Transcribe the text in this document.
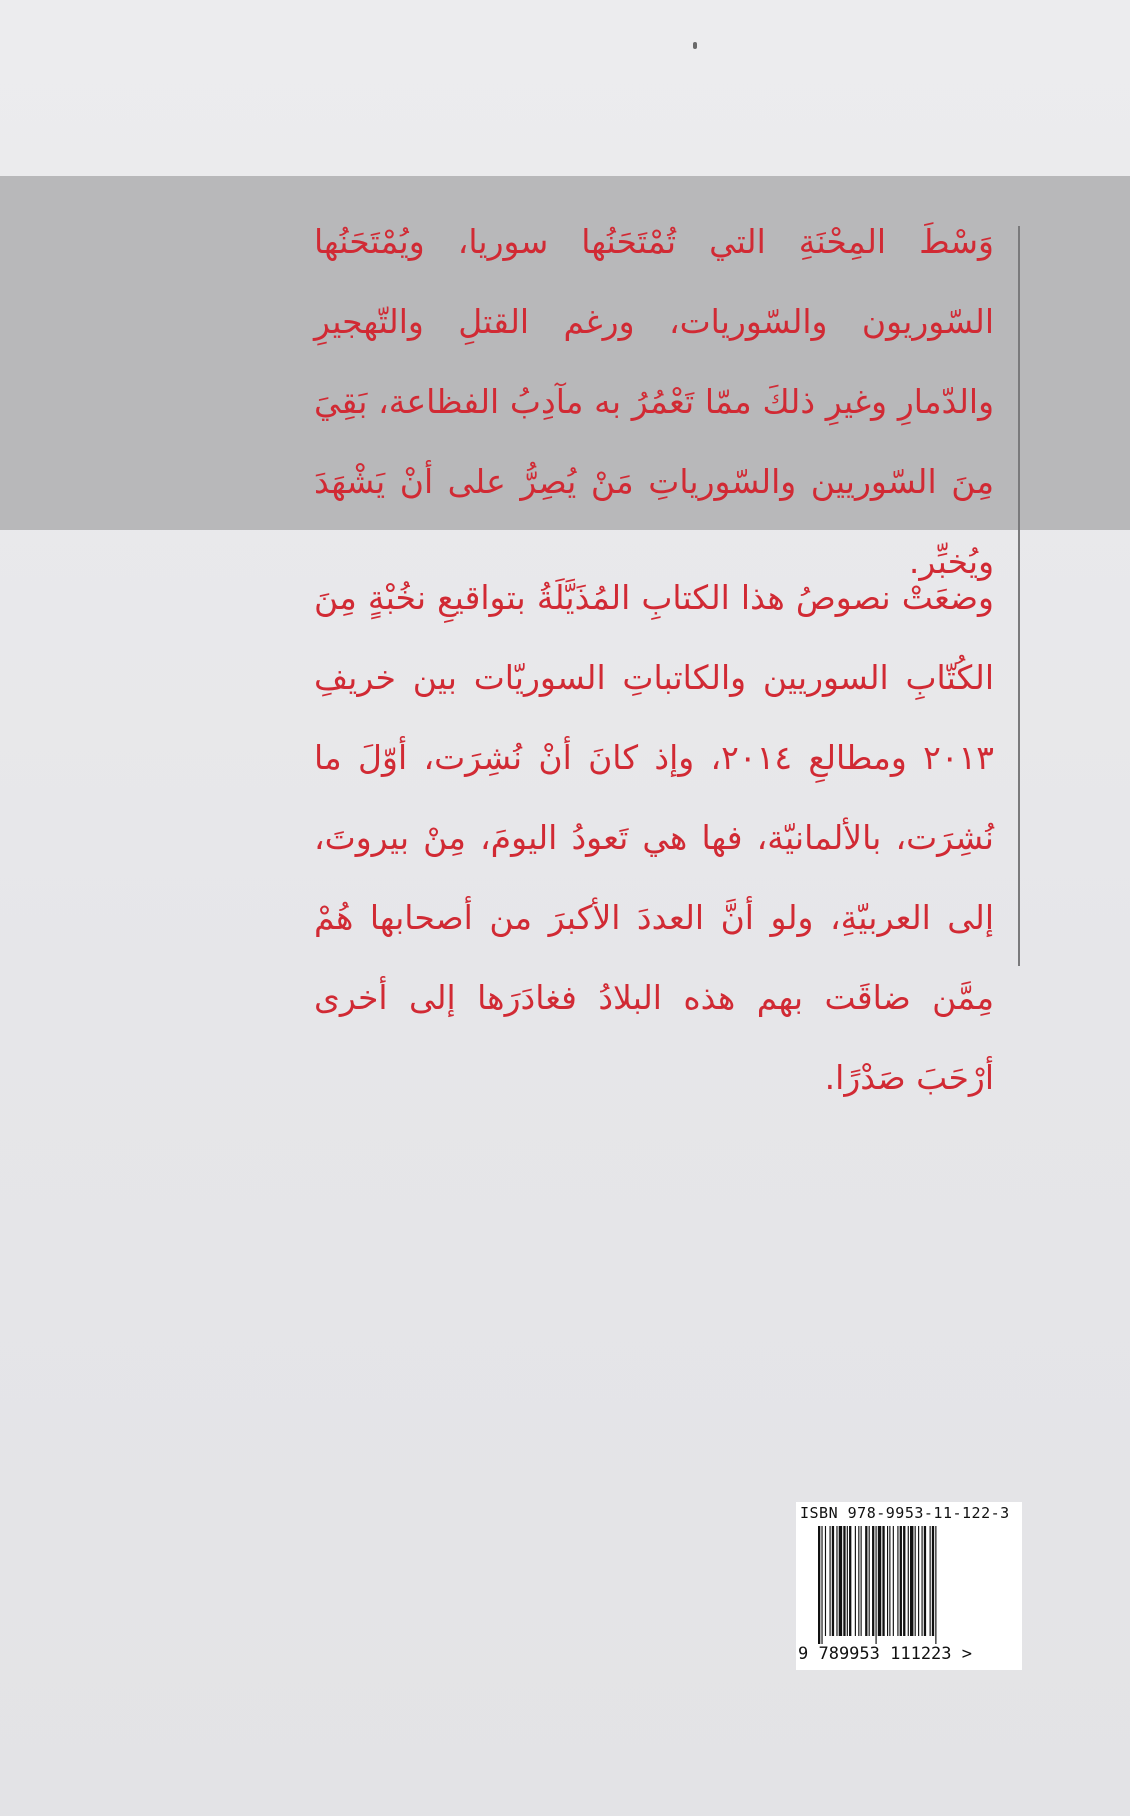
وَسْطَ المِحْنَةِ التي تُمْتَحَنُها سوريا، ويُمْتَحَنُها السّوريون والسّوريات، ورغم القتلِ والتّهجيرِ والدّمارِ وغيرِ ذلكَ ممّا تَعْمُرُ به مآدِبُ الفظاعة، بَقِيَ مِنَ السّوريين والسّورياتِ مَنْ يُصِرُّ على أنْ يَشْهَدَ ويُخبِّر.

وضعَتْ نصوصُ هذا الكتابِ المُذَيَّلَةُ بتواقيعِ نخُبْةٍ مِنَ الكُتّابِ السوريين والكاتباتِ السوريّات بين خريفِ ٢٠١٣ ومطالعِ ٢٠١٤، وإذ كانَ أنْ نُشِرَت، أوّلَ ما نُشِرَت، بالألمانيّة، فها هي تَعودُ اليومَ، مِنْ بيروتَ، إلى العربيّةِ، ولو أنَّ العددَ الأكبرَ من أصحابها هُمْ مِمَّن ضاقَت بهم هذه البلادُ فغادَرَها إلى أخرى أرْحَبَ صَدْرًا.

ISBN 978-9953-11-122-3
9 789953 111223 >
